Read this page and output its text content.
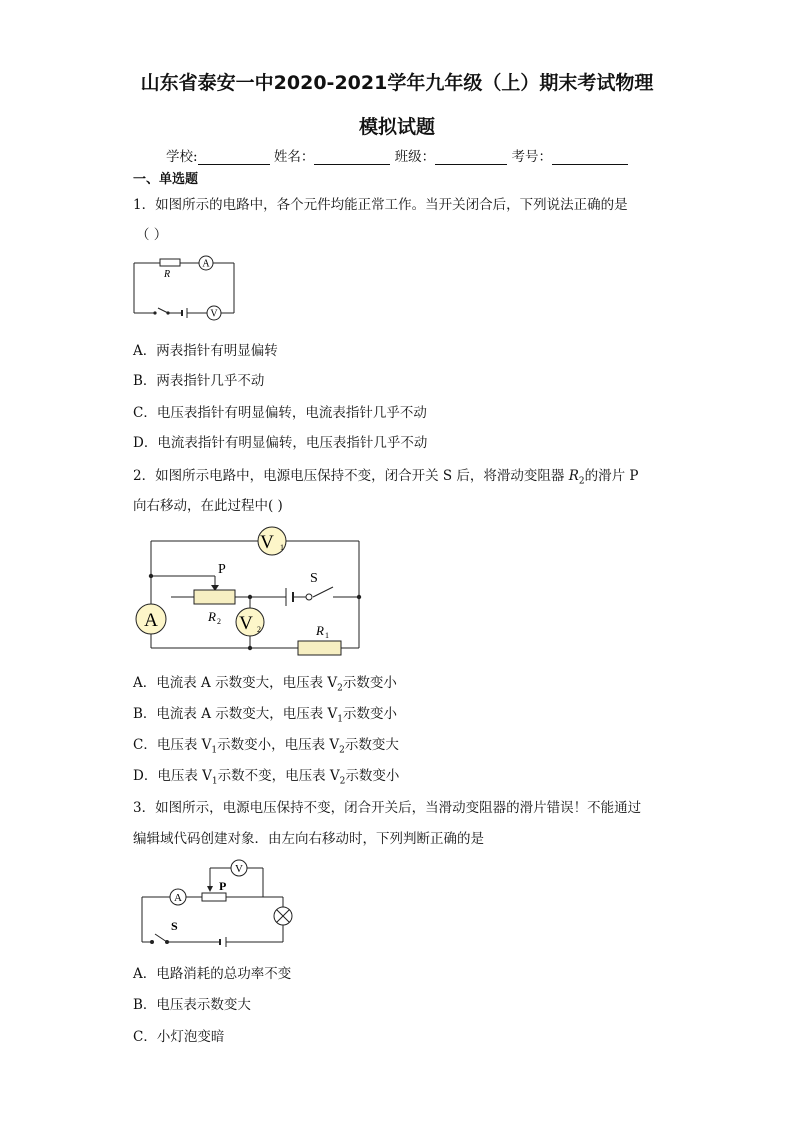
山东省泰安一中2020-2021学年九年级（上）期末考试物理
模拟试题
学校:	姓名：	班级：	考号：
一、单选题
1．如图所示的电路中，各个元件均能正常工作。当开关闭合后，下列说法正确的是
（ ）
A
V
R
A．两表指针有明显偏转
B．两表指针几乎不动
C．电压表指针有明显偏转，电流表指针几乎不动
D．电流表指针有明显偏转，电压表指针几乎不动
2．如图所示电路中，电源电压保持不变，闭合开关 S 后，将滑动变阻器 $R_2$的滑片 P
向右移动，在此过程中( )
V 1
A	V 2
P
S
R 2
R 1
A．电流表 A 示数变大，电压表 $V_2$示数变小
B．电流表 A 示数变大，电压表 $V_1$示数变小
C．电压表 $V_1$示数变小，电压表 $V_2$示数变大
D．电压表 $V_1$示数不变，电压表 $V_2$示数变小
3．如图所示，电源电压保持不变，闭合开关后，当滑动变阻器的滑片错误！不能通过
编辑域代码创建对象．由左向右移动时，下列判断正确的是
A
V
P
S
A．电路消耗的总功率不变
B．电压表示数变大
C．小灯泡变暗
